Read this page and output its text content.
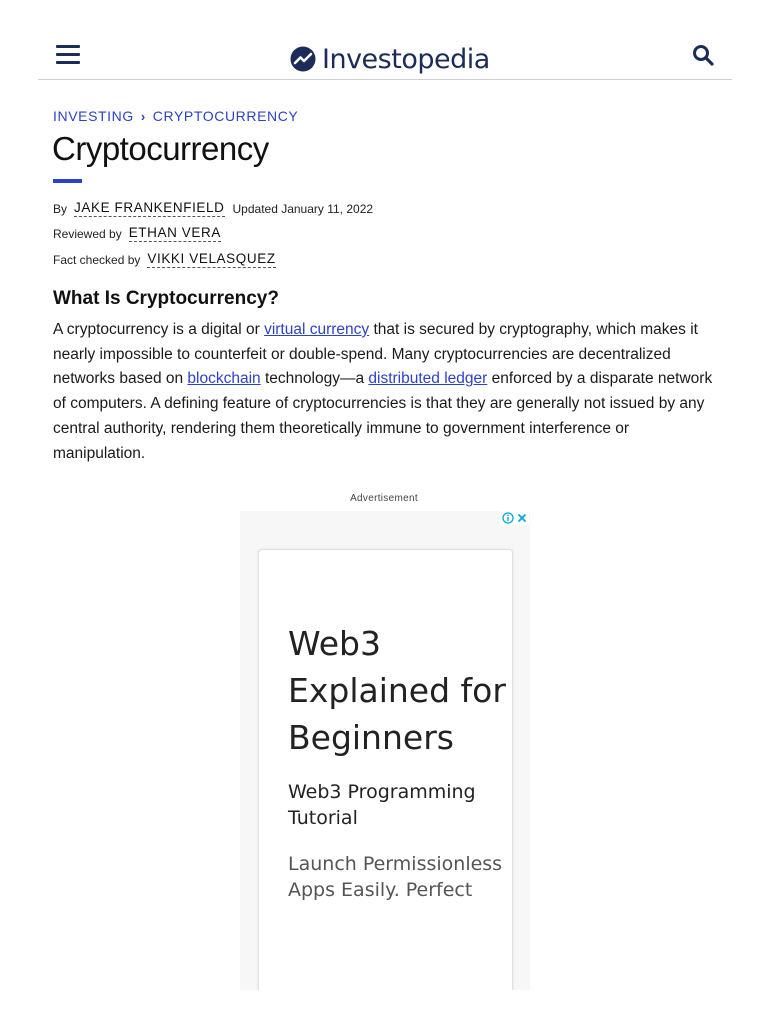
Investopedia
INVESTING › CRYPTOCURRENCY
Cryptocurrency
By JAKE FRANKENFIELD Updated January 11, 2022
Reviewed by ETHAN VERA
Fact checked by VIKKI VELASQUEZ
What Is Cryptocurrency?

A cryptocurrency is a digital or virtual currency that is secured by cryptography, which makes it nearly impossible to counterfeit or double-spend. Many cryptocurrencies are decentralized networks based on blockchain technology—a distributed ledger enforced by a disparate network of computers. A defining feature of cryptocurrencies is that they are generally not issued by any central authority, rendering them theoretically immune to government interference or manipulation.

Advertisement
Web3 Explained for Beginners
Web3 Programming Tutorial
Launch Permissionless Apps Easily. Perfect
